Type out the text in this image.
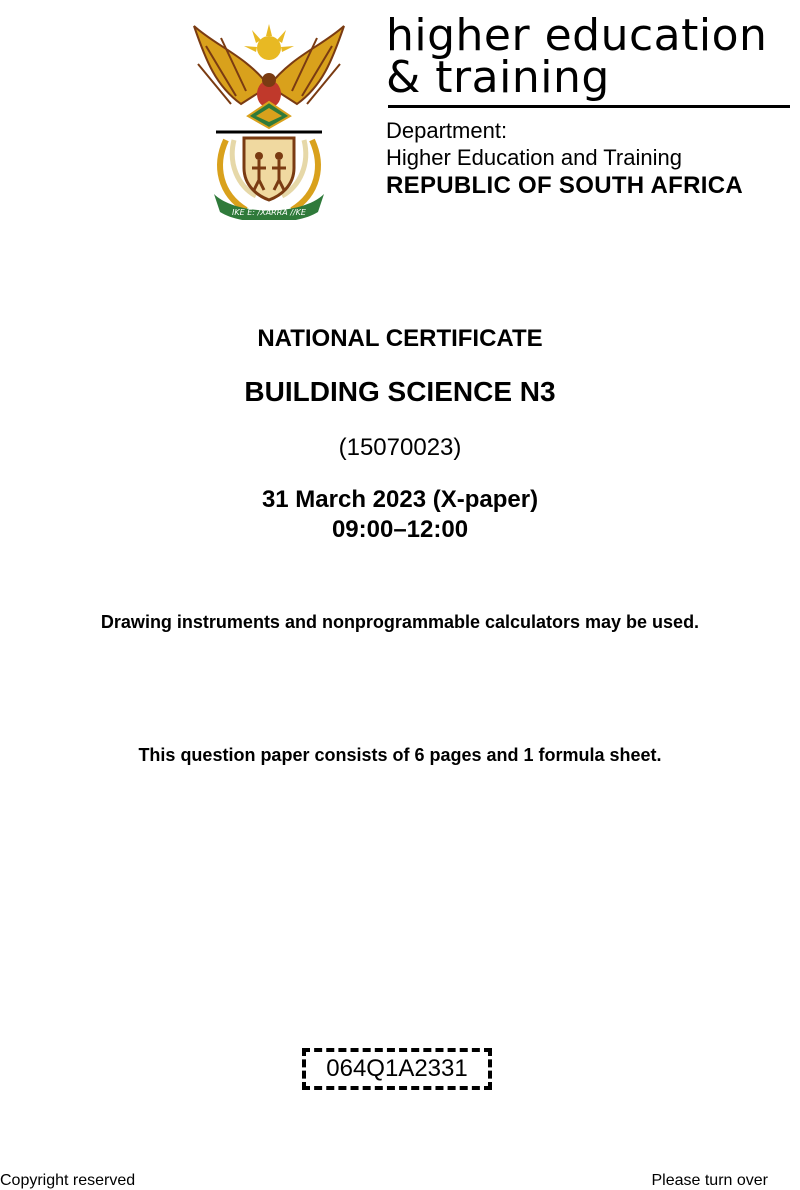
IKE E: /XARRA //KE
higher education
& training
Department:
Higher Education and Training
REPUBLIC OF SOUTH AFRICA
NATIONAL CERTIFICATE
BUILDING SCIENCE N3
(15070023)
31 March 2023 (X-paper)
09:00–12:00
Drawing instruments and nonprogrammable calculators may be used.
This question paper consists of 6 pages and 1 formula sheet.
064Q1A2331
Copyright reserved	Please turn over
